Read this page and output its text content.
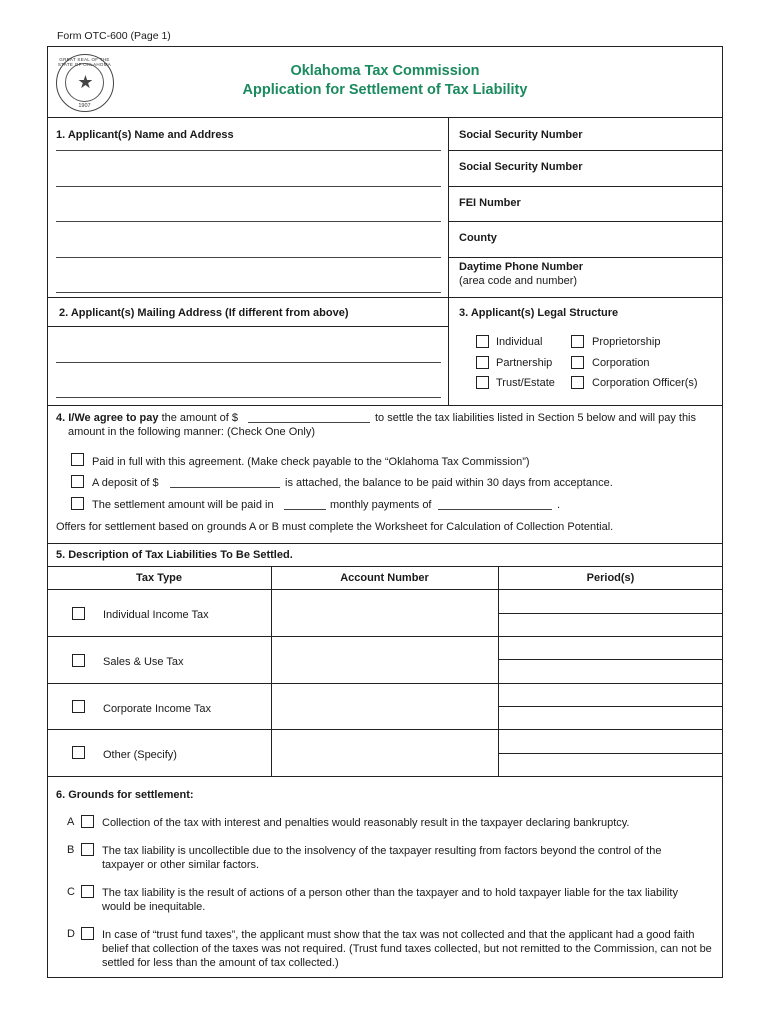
Form OTC-600 (Page 1)
GREAT SEAL OF THE STATE OF OKLAHOMA
★
1907
Oklahoma Tax Commission
Application for Settlement of Tax Liability
1. Applicant(s) Name and Address	Social Security Number
Social Security Number
FEI Number
County
Daytime Phone Number
(area code and number)
2. Applicant(s) Mailing Address (If different from above)	3. Applicant(s) Legal Structure
Individual	Proprietorship
Partnership	Corporation
Trust/Estate	Corporation Officer(s)
4. I/We agree to pay the amount of $	to settle the tax liabilities listed in Section 5 below and will pay this
amount in the following manner: (Check One Only)
Paid in full with this agreement. (Make check payable to the “Oklahoma Tax Commission”)
A deposit of $	is attached, the balance to be paid within 30 days from acceptance.
The settlement amount will be paid in	monthly payments of	.
Offers for settlement based on grounds A or B must complete the Worksheet for Calculation of Collection Potential.
5. Description of Tax Liabilities To Be Settled.
Tax Type	Account Number	Period(s)
Individual Income Tax
Sales & Use Tax
Corporate Income Tax
Other (Specify)
6. Grounds for settlement:
A	Collection of the tax with interest and penalties would reasonably result in the taxpayer declaring bankruptcy.
B	The tax liability is uncollectible due to the insolvency of the taxpayer resulting from factors beyond the control of the taxpayer or other similar factors.
C The tax liability is the result of actions of a person other than the taxpayer and to hold taxpayer liable for the tax liability would be inequitable.
D In case of “trust fund taxes”, the applicant must show that the tax was not collected and that the applicant had a good faith belief that collection of the taxes was not required. (Trust fund taxes collected, but not remitted to the Commission, can not be settled for less than the amount of tax collected.)
